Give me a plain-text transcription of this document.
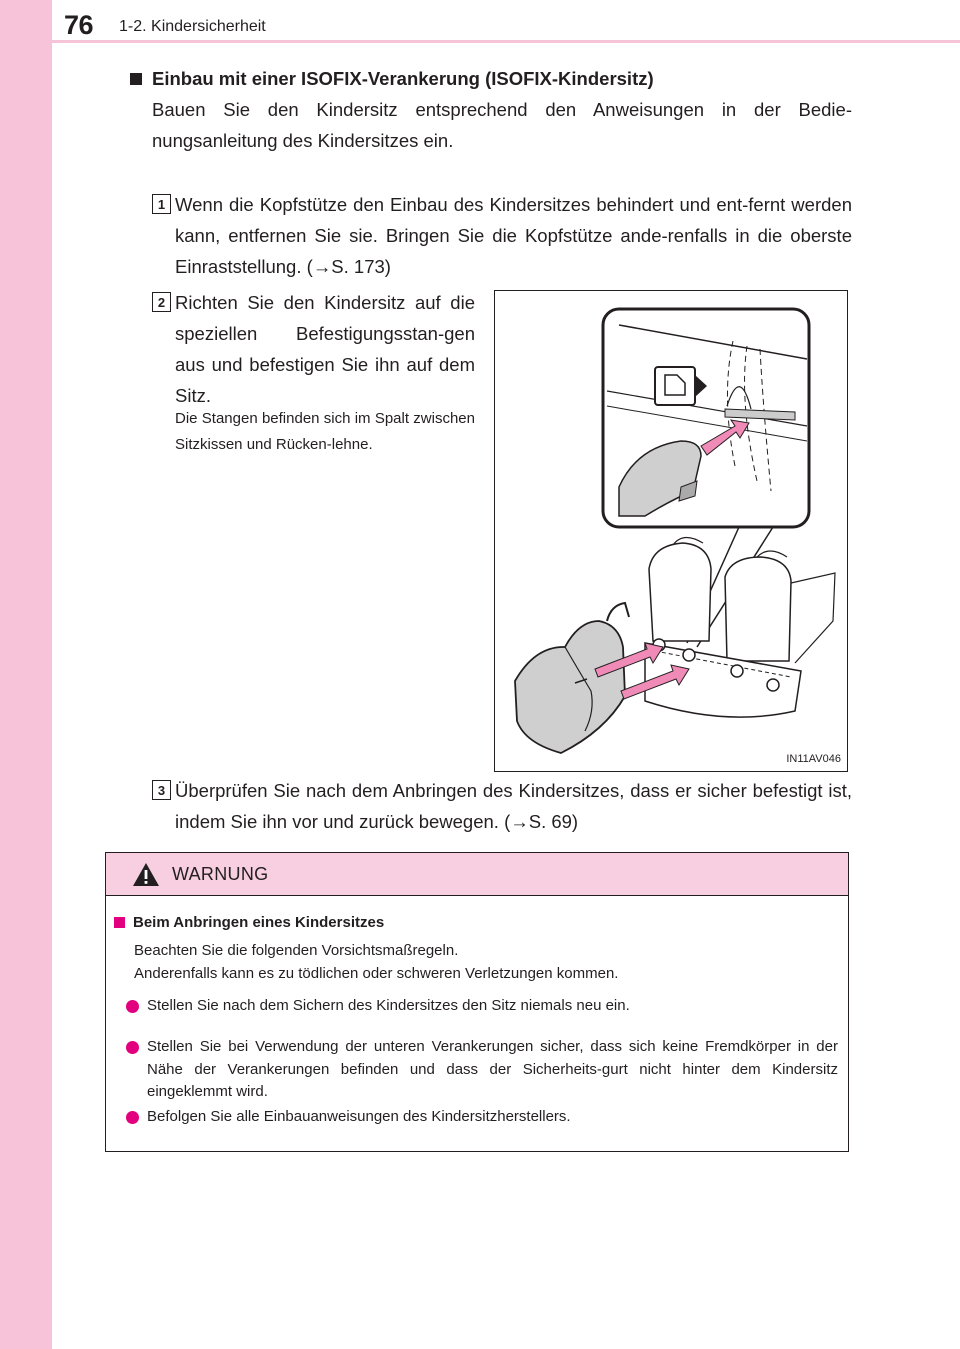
76 1-2. Kindersicherheit
Einbau mit einer ISOFIX-Verankerung (ISOFIX-Kindersitz)
Bauen Sie den Kindersitz entsprechend den Anweisungen in der Bedie-nungsanleitung des Kindersitzes ein.
1 Wenn die Kopfstütze den Einbau des Kindersitzes behindert und ent-fernt werden kann, entfernen Sie sie. Bringen Sie die Kopfstütze ande-renfalls in die oberste Einraststellung. (→S. 173)
2 Richten Sie den Kindersitz auf die speziellen Befestigungsstan-gen aus und befestigen Sie ihn auf dem Sitz.
Die Stangen befinden sich im Spalt zwischen Sitzkissen und Rücken-lehne.
IN11AV046
3 Überprüfen Sie nach dem Anbringen des Kindersitzes, dass er sicher befestigt ist, indem Sie ihn vor und zurück bewegen. (→S. 69)
WARNUNG
Beim Anbringen eines Kindersitzes
Beachten Sie die folgenden Vorsichtsmaßregeln.
Anderenfalls kann es zu tödlichen oder schweren Verletzungen kommen.
Stellen Sie nach dem Sichern des Kindersitzes den Sitz niemals neu ein.
Stellen Sie bei Verwendung der unteren Verankerungen sicher, dass sich keine Fremdkörper in der Nähe der Verankerungen befinden und dass der Sicherheits-gurt nicht hinter dem Kindersitz eingeklemmt wird.
Befolgen Sie alle Einbauanweisungen des Kindersitzherstellers.
